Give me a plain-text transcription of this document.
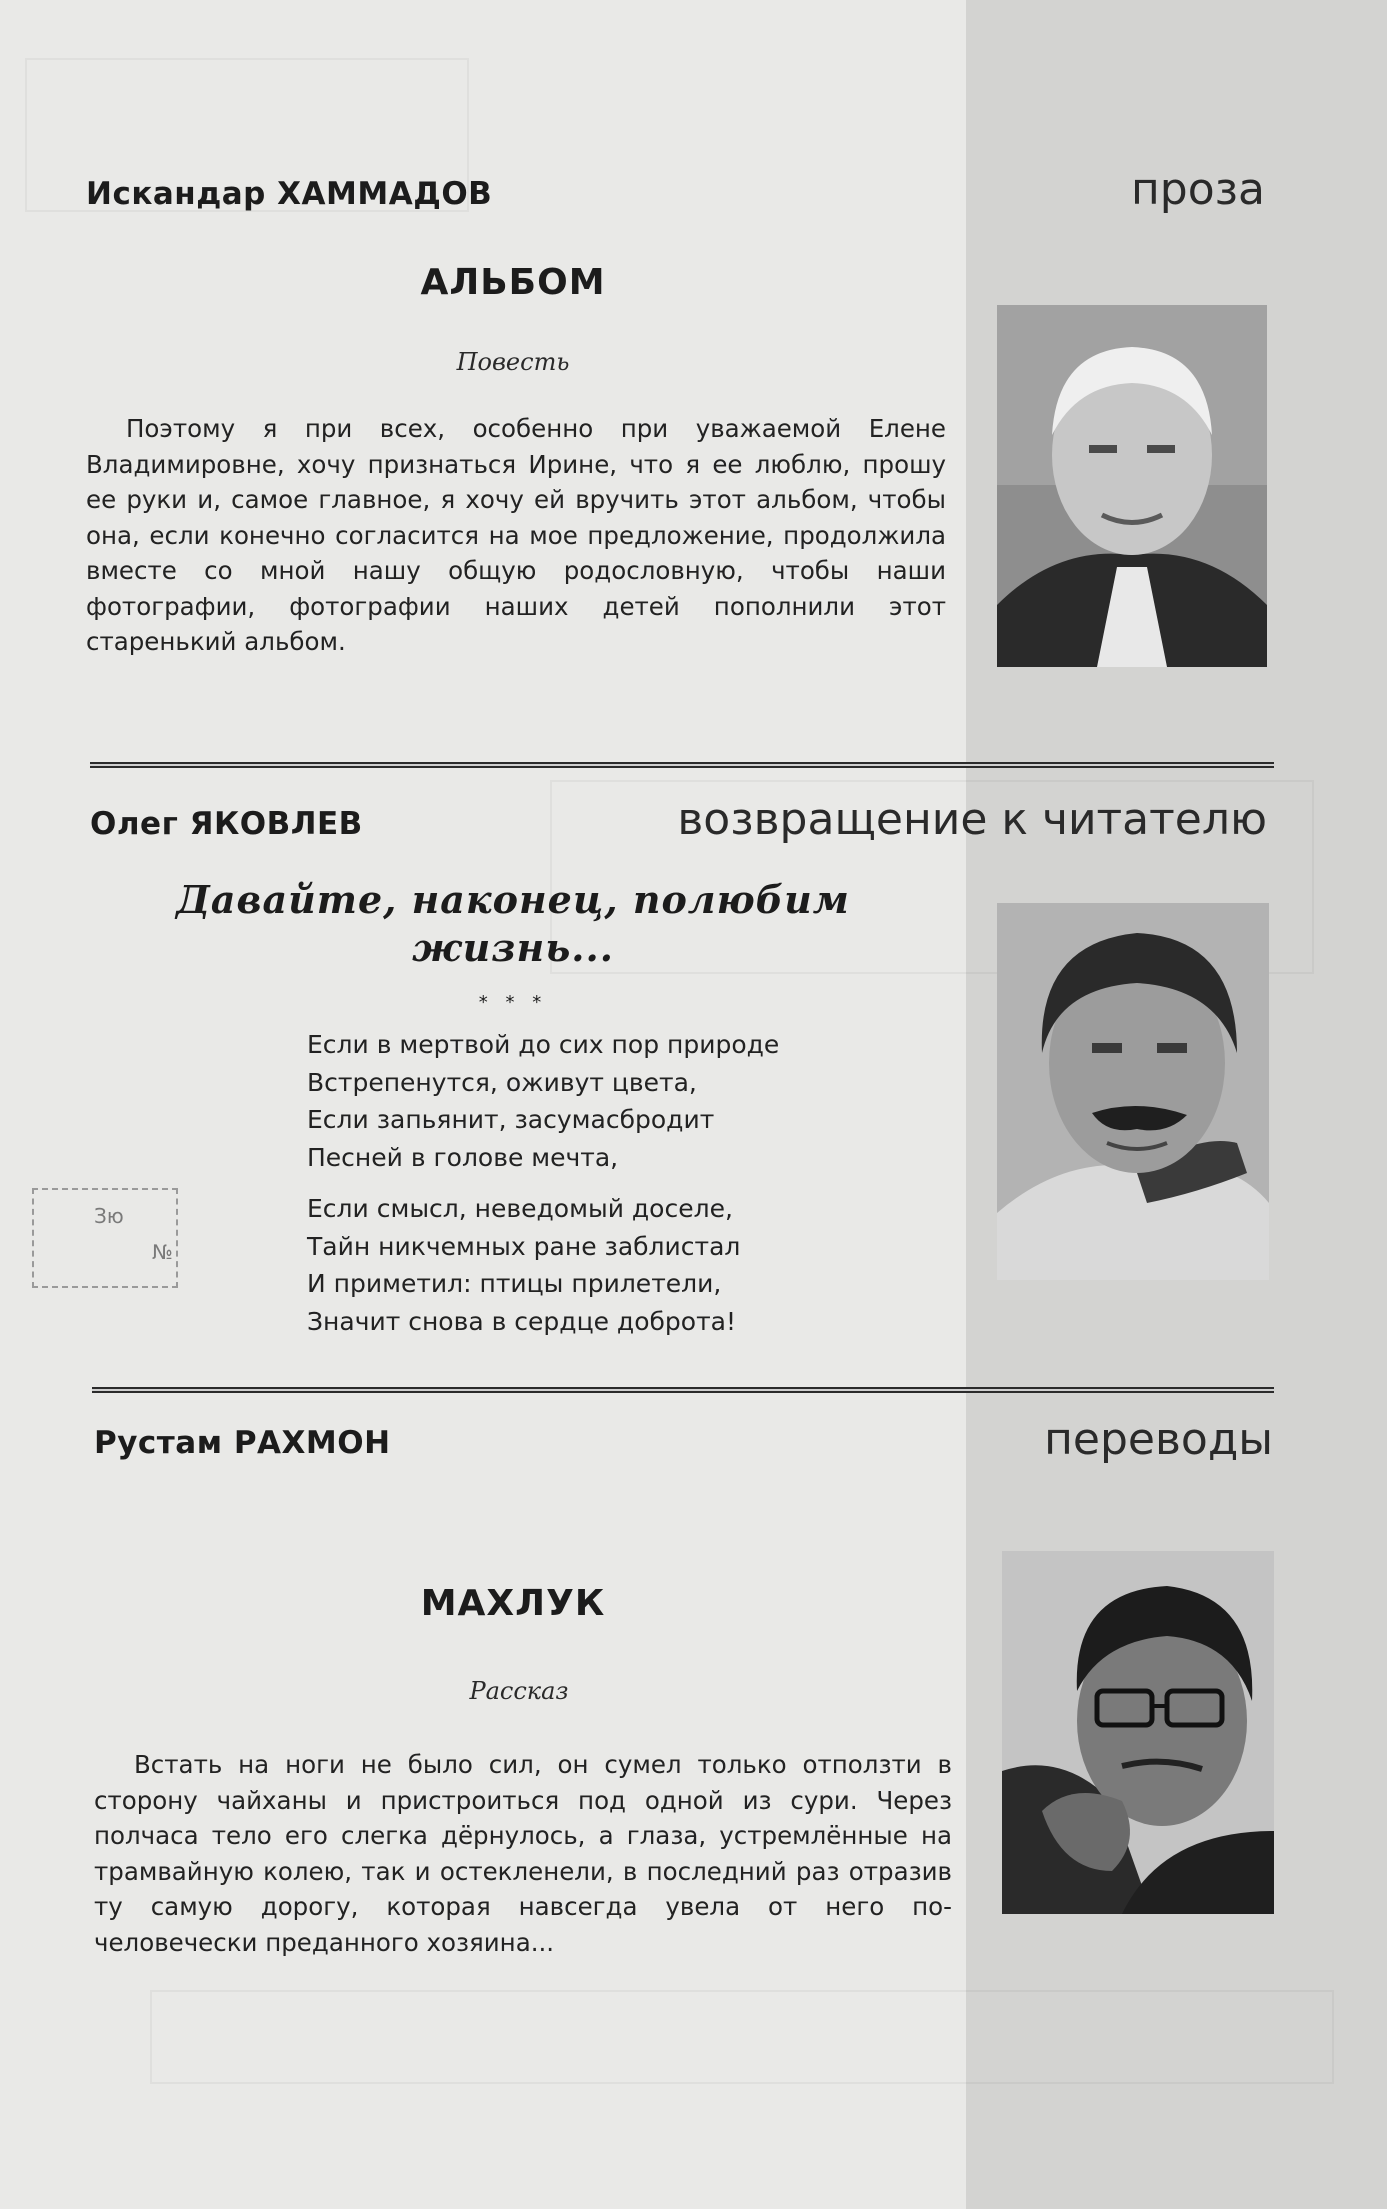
Искандар ХАММАДОВ	проза
АЛЬБОМ
Повесть
Поэтому я при всех, особенно при уважаемой Елене Владимировне, хочу признаться Ирине, что я ее люблю, прошу ее руки и, самое главное, я хочу ей вручить этот альбом, чтобы она, если конечно согласится на мое предложение, продолжила вместе со мной нашу общую родословную, чтобы наши фотографии, фотографии наших детей пополнили этот старенький альбом.
Олег ЯКОВЛЕВ	возвращение к читателю
Давайте, наконец, полюбим
жизнь...
* * *
Если в мертвой до сих пор природе
Встрепенутся, оживут цвета,
Если запьянит, засумасбродит
Песней в голове мечта,
Если смысл, неведомый доселе,
Тайн никчемных ране заблистал
И приметил: птицы прилетели,
Значит снова в сердце доброта!
Зю
№
Рустам РАХМОН	переводы
МАХЛУК
Рассказ
Встать на ноги не было сил, он сумел только отползти в сторону чайханы и пристроиться под одной из сури. Через полчаса тело его слегка дёрнулось, а глаза, устремлённые на трамвайную колею, так и остекленели, в последний раз отразив ту самую дорогу, которая навсегда увела от него по-человечески преданного хозяина...
